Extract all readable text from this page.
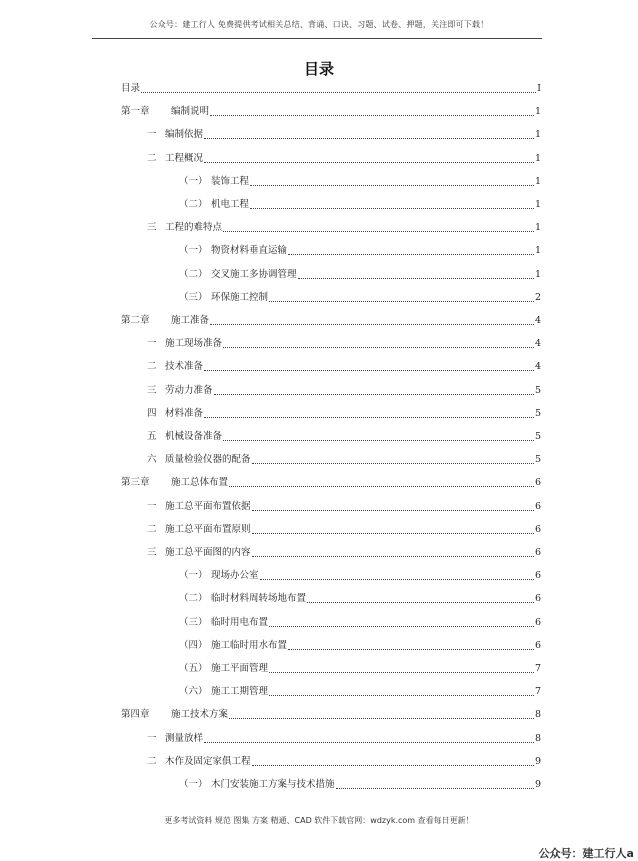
公众号：建工行人 免费提供考试相关总结、背诵、口诀、习题、试卷、押题，关注即可下载！
目录
目录	I
第一章	编制说明	1
一 编制依据	1
二 工程概况	1
（一） 装饰工程	1
（二） 机电工程	1
三 工程的难特点	1
（一） 物资材料垂直运输	1
（二） 交叉施工多协调管理	1
（三） 环保施工控制	2
第二章	施工准备	4
一 施工现场准备	4
二 技术准备	4
三 劳动力准备	5
四 材料准备	5
五 机械设备准备	5
六 质量检验仪器的配备	5
第三章	施工总体布置	6
一 施工总平面布置依据	6
二 施工总平面布置原则	6
三 施工总平面图的内容	6
（一） 现场办公室	6
（二） 临时材料周转场地布置	6
（三） 临时用电布置	6
（四） 施工临时用水布置	6
（五） 施工平面管理	7
（六） 施工工期管理	7
第四章	施工技术方案	8
一 测量放样	8
二 木作及固定家俱工程	9
（一） 木门安装施工方案与技术措施	9
更多考试资料 规范 图集 方案 精通、CAD 软件下载官网：wdzyk.com 查看每日更新！
公众号：建工行人a
